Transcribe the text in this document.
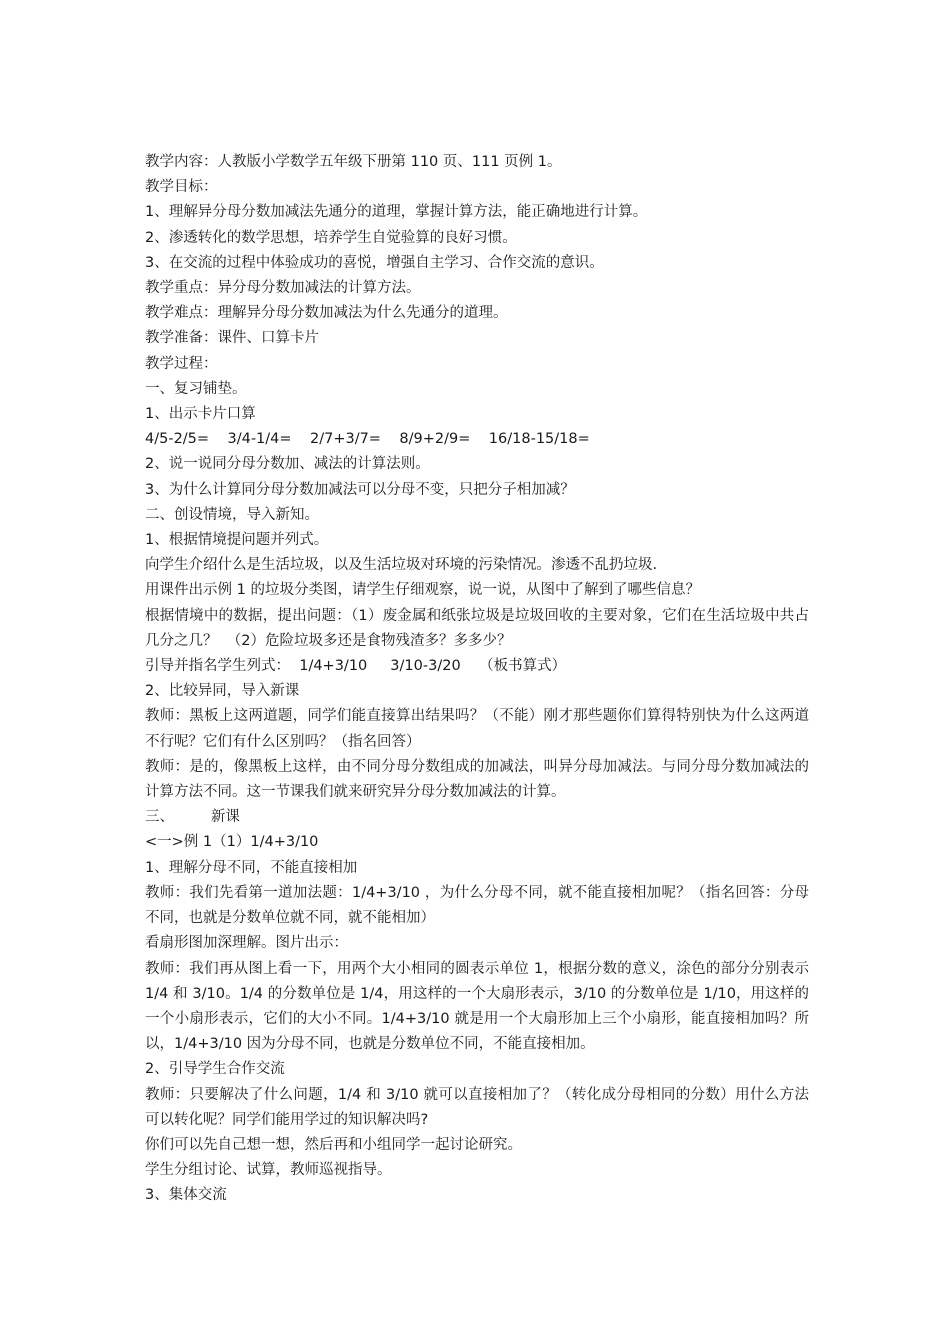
教学内容：人教版小学数学五年级下册第 110 页、111 页例 1。

教学目标：

1、理解异分母分数加减法先通分的道理，掌握计算方法，能正确地进行计算。

2、渗透转化的数学思想，培养学生自觉验算的良好习惯。

3、在交流的过程中体验成功的喜悦，增强自主学习、合作交流的意识。

教学重点：异分母分数加减法的计算方法。

教学难点：理解异分母分数加减法为什么先通分的道理。

教学准备：课件、口算卡片

教学过程：

一、复习铺垫。

1、出示卡片口算

4/5-2/5=    3/4-1/4=    2/7+3/7=    8/9+2/9=    16/18-15/18=

2、说一说同分母分数加、减法的计算法则。

3、为什么计算同分母分数加减法可以分母不变，只把分子相加减？

二、创设情境，导入新知。

1、根据情境提问题并列式。

向学生介绍什么是生活垃圾，以及生活垃圾对环境的污染情况。渗透不乱扔垃圾.

用课件出示例 1 的垃圾分类图，请学生仔细观察，说一说，从图中了解到了哪些信息？

根据情境中的数据，提出问题：（1）废金属和纸张垃圾是垃圾回收的主要对象，它们在生活垃圾中共占几分之几？  （2）危险垃圾多还是食物残渣多？多多少？

引导并指名学生列式：  1/4+3/10     3/10-3/20    （板书算式）

2、比较异同，导入新课

教师：黑板上这两道题，同学们能直接算出结果吗？（不能）刚才那些题你们算得特别快为什么这两道不行呢？它们有什么区别吗？（指名回答）

教师：是的，像黑板上这样，由不同分母分数组成的加减法，叫异分母加减法。与同分母分数加减法的计算方法不同。这一节课我们就来研究异分母分数加减法的计算。

三、        新课

<一>例 1（1）1/4+3/10

1、理解分母不同，不能直接相加

教师：我们先看第一道加法题：1/4+3/10 ，为什么分母不同，就不能直接相加呢？（指名回答：分母不同，也就是分数单位就不同，就不能相加）

看扇形图加深理解。图片出示：

教师：我们再从图上看一下，用两个大小相同的圆表示单位 1，根据分数的意义，涂色的部分分别表示 1/4 和 3/10。1/4 的分数单位是 1/4，用这样的一个大扇形表示，3/10 的分数单位是 1/10，用这样的一个小扇形表示，它们的大小不同。1/4+3/10 就是用一个大扇形加上三个小扇形，能直接相加吗？所以，1/4+3/10 因为分母不同，也就是分数单位不同，不能直接相加。

2、引导学生合作交流

教师：只要解决了什么问题，1/4 和 3/10 就可以直接相加了？（转化成分母相同的分数）用什么方法可以转化呢？同学们能用学过的知识解决吗?

你们可以先自己想一想，然后再和小组同学一起讨论研究。

学生分组讨论、试算，教师巡视指导。

3、集体交流
